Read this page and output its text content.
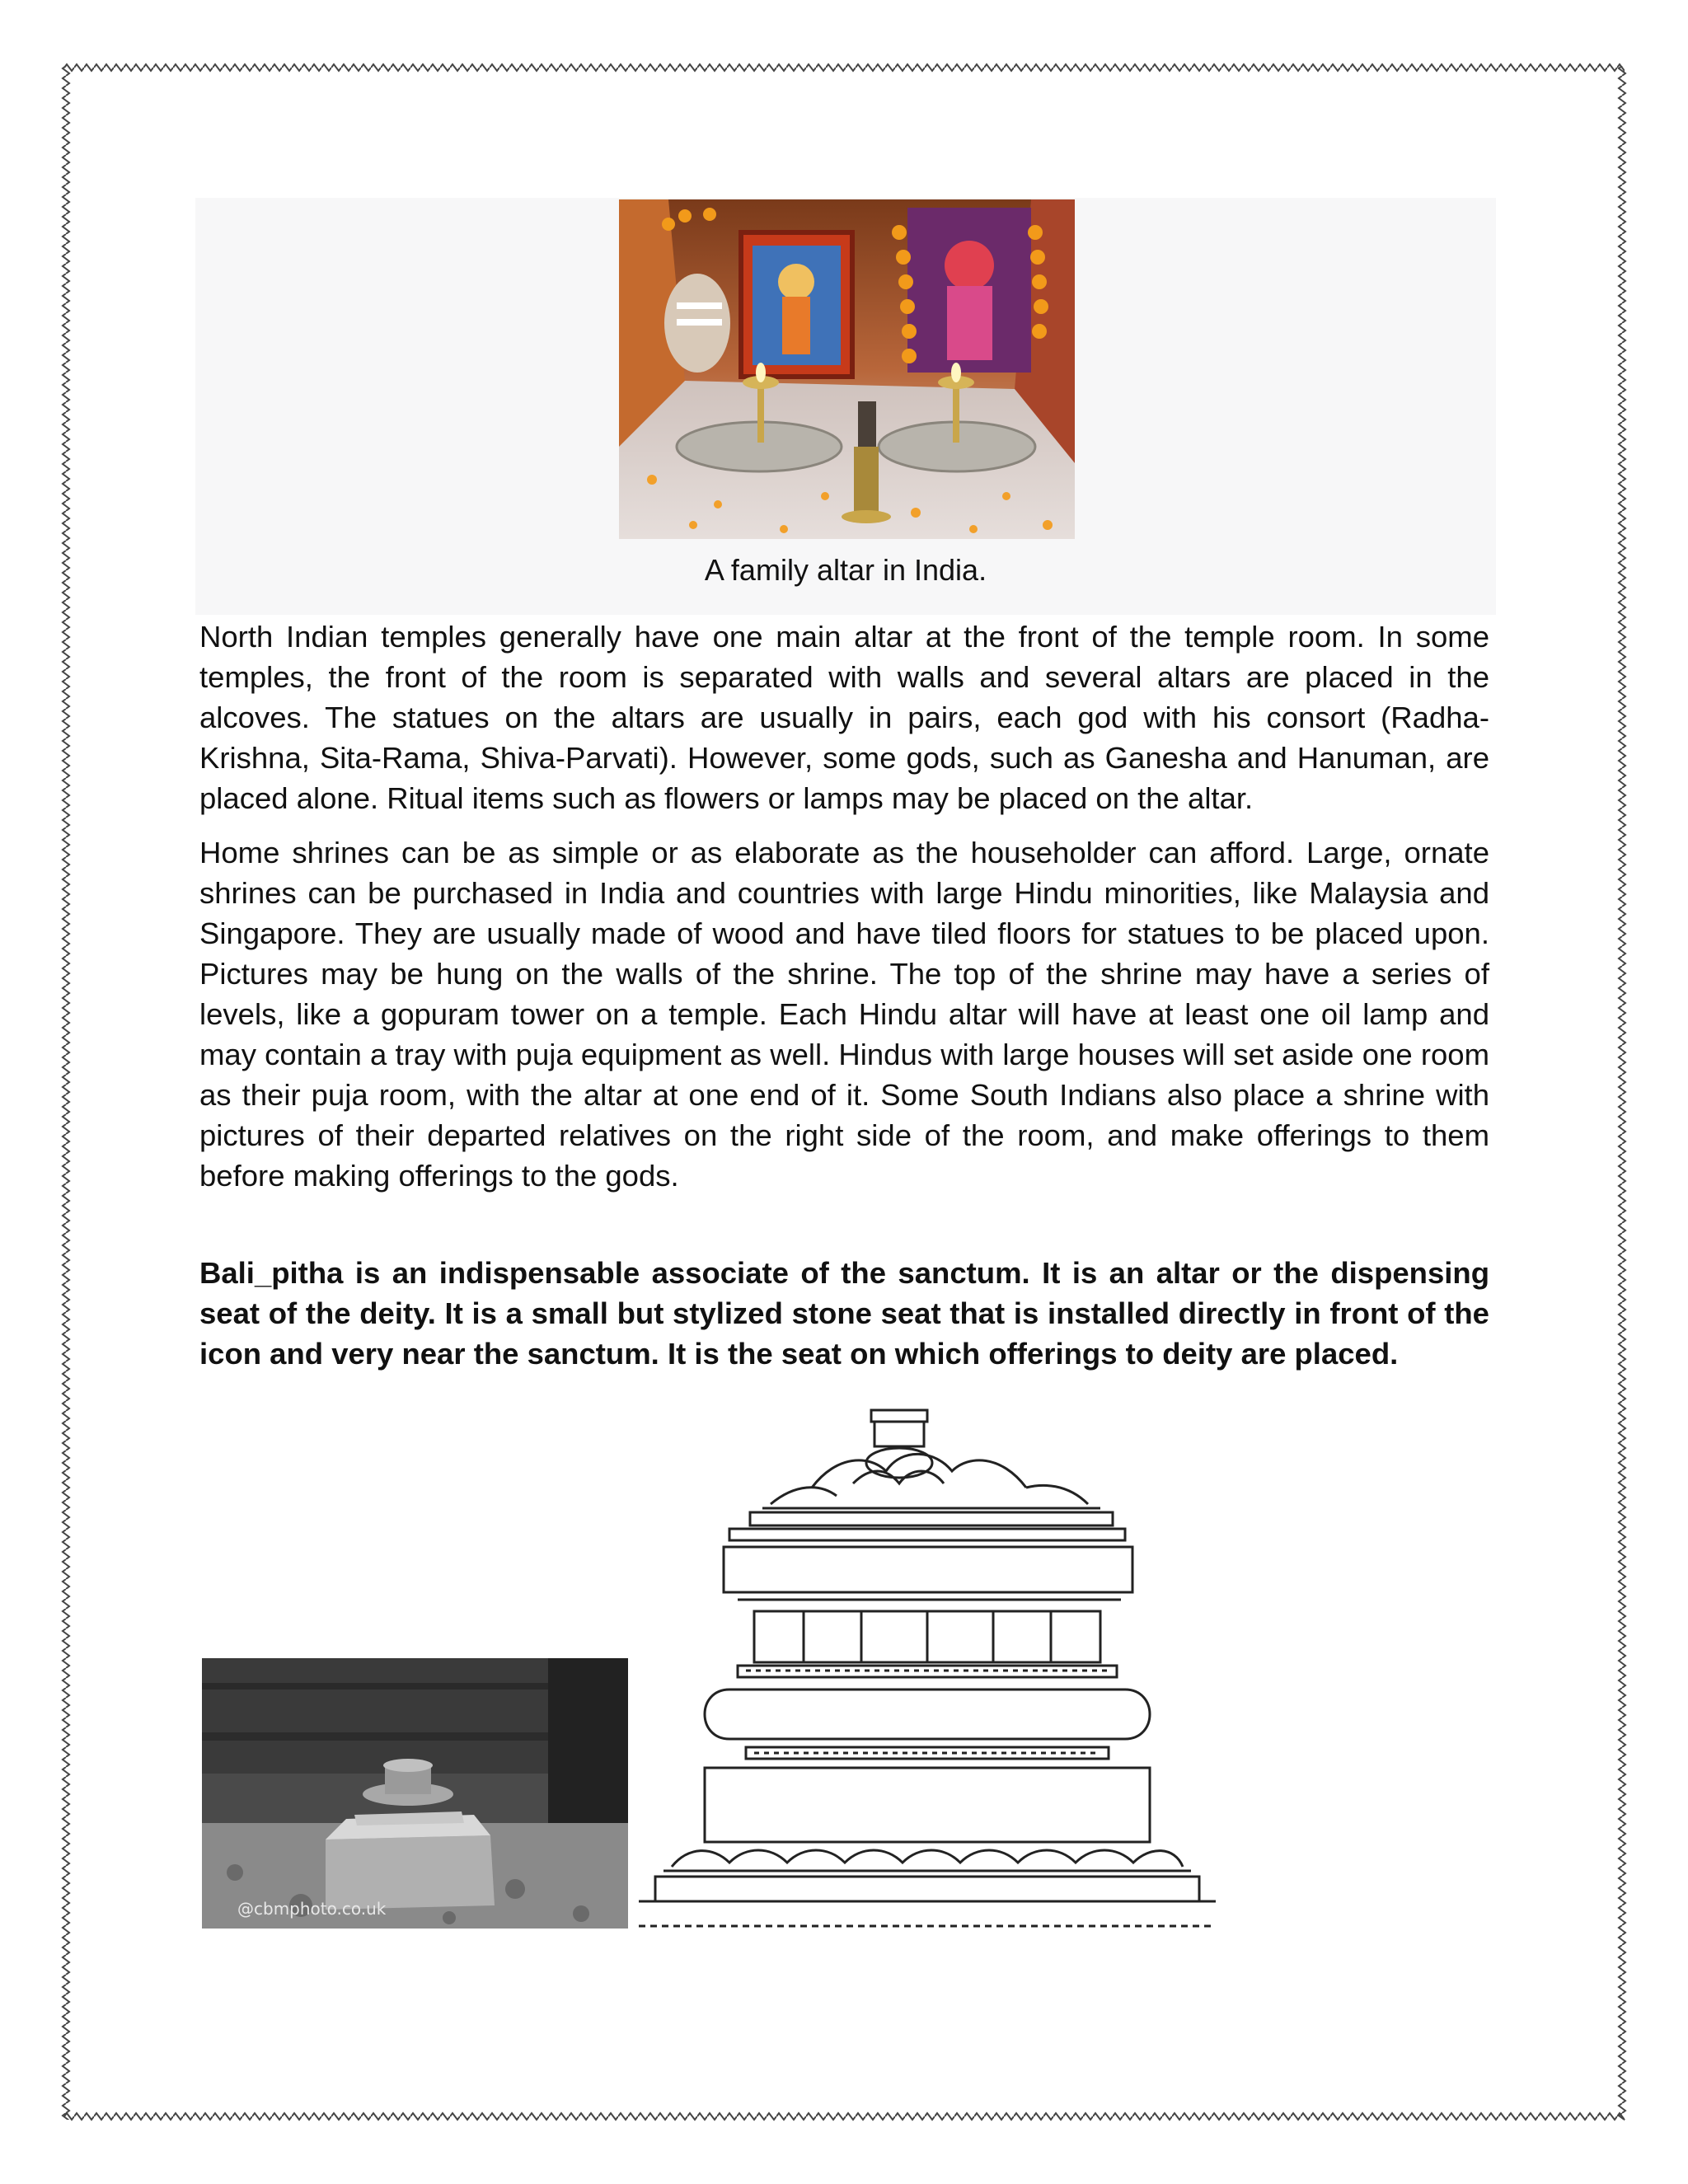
A family altar in India.

North Indian temples generally have one main altar at the front of the temple room. In some temples, the front of the room is separated with walls and several altars are placed in the alcoves. The statues on the altars are usually in pairs, each god with his consort (Radha-Krishna, Sita-Rama, Shiva-Parvati). However, some gods, such as Ganesha and Hanuman, are placed alone. Ritual items such as flowers or lamps may be placed on the altar.

Home shrines can be as simple or as elaborate as the householder can afford. Large, ornate shrines can be purchased in India and countries with large Hindu minorities, like Malaysia and Singapore. They are usually made of wood and have tiled floors for statues to be placed upon. Pictures may be hung on the walls of the shrine. The top of the shrine may have a series of levels, like a gopuram tower on a temple. Each Hindu altar will have at least one oil lamp and may contain a tray with puja equipment as well. Hindus with large houses will set aside one room as their puja room, with the altar at one end of it. Some South Indians also place a shrine with pictures of their departed relatives on the right side of the room, and make offerings to them before making offerings to the gods.

Bali_pitha is an indispensable associate of the sanctum. It is an altar or the dispensing seat of the deity. It is a small but stylized stone seat that is installed directly in front of the icon and very near the sanctum. It is the seat on which offerings to deity are placed.

@cbmphoto.co.uk
